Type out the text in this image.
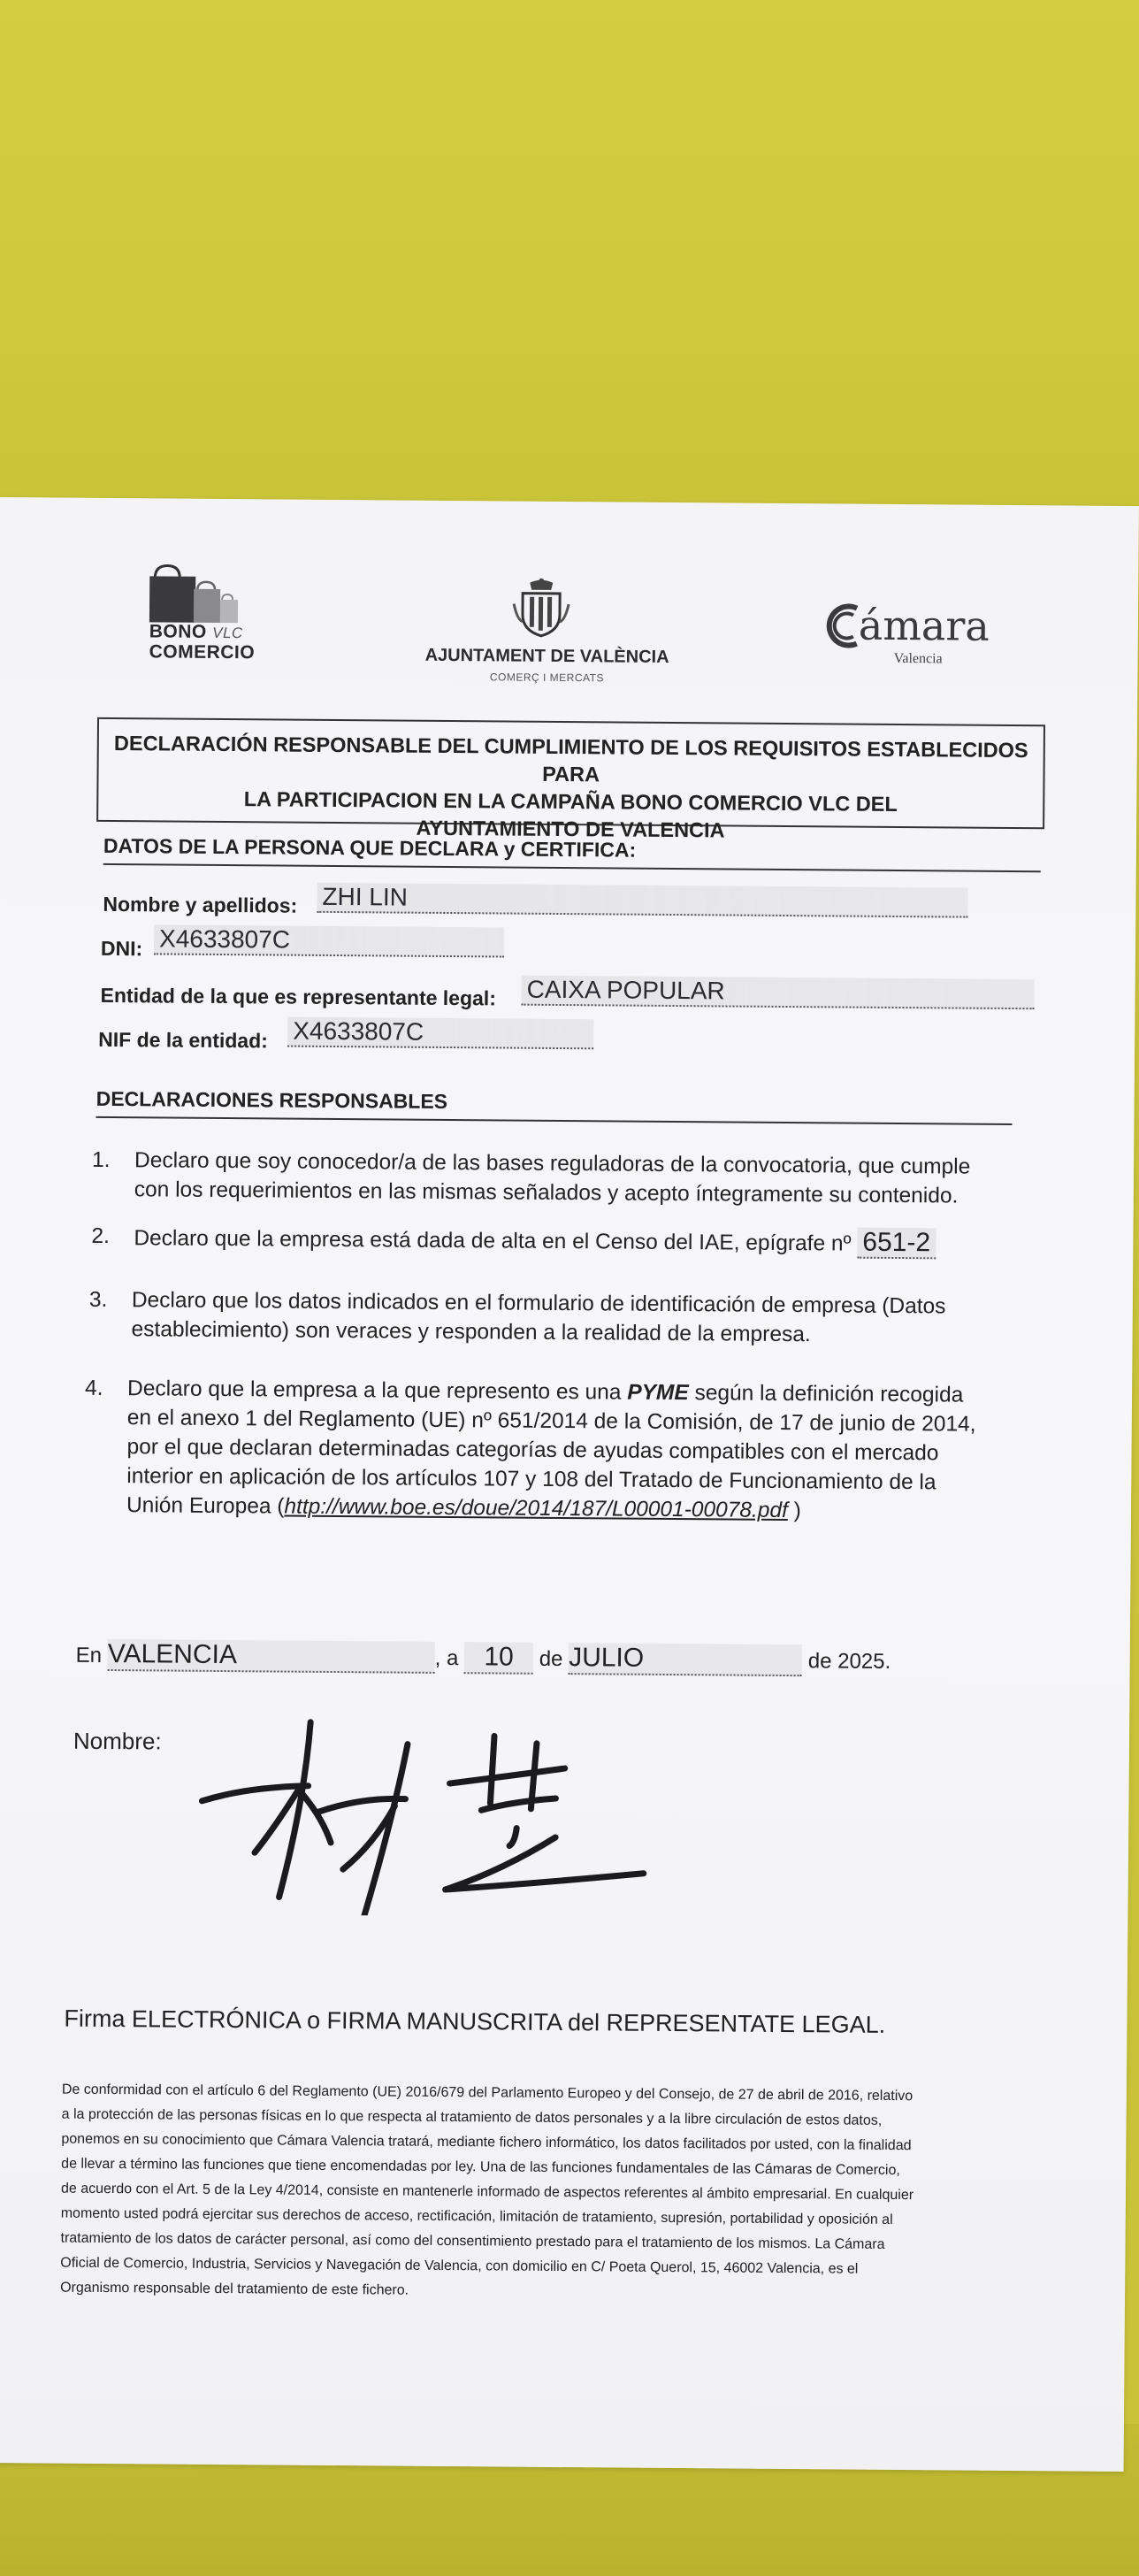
BONO VLC
COMERCIO	AJUNTAMENT DE VALÈNCIA
COMERÇ I MERCATS
ámara
Valencia
DECLARACIÓN RESPONSABLE DEL CUMPLIMIENTO DE LOS REQUISITOS ESTABLECIDOS PARA
LA PARTICIPACION EN LA CAMPAÑA BONO COMERCIO VLC DEL
AYUNTAMIENTO DE VALENCIA
DATOS DE LA PERSONA QUE DECLARA y CERTIFICA:
Nombre y apellidos: ZHI LIN
DNI: X4633807C
Entidad de la que es representante legal: CAIXA POPULAR
NIF de la entidad: X4633807C
DECLARACIONES RESPONSABLES
1. Declaro que soy conocedor/a de las bases reguladoras de la convocatoria, que cumple
con los requerimientos en las mismas señalados y acepto íntegramente su contenido.
2. Declaro que la empresa está dada de alta en el Censo del IAE, epígrafe nº 651-2
3. Declaro que los datos indicados en el formulario de identificación de empresa (Datos
establecimiento) son veraces y responden a la realidad de la empresa.
4. Declaro que la empresa a la que represento es una PYME según la definición recogida
en el anexo 1 del Reglamento (UE) nº 651/2014 de la Comisión, de 17 de junio de 2014,
por el que declaran determinadas categorías de ayudas compatibles con el mercado
interior en aplicación de los artículos 107 y 108 del Tratado de Funcionamiento de la
Unión Europea (http://www.boe.es/doue/2014/187/L00001-00078.pdf )
En VALENCIA	, a 10 de JULIO	de 2025.
Nombre:
Firma ELECTRÓNICA o FIRMA MANUSCRITA del REPRESENTATE LEGAL.
De conformidad con el artículo 6 del Reglamento (UE) 2016/679 del Parlamento Europeo y del Consejo, de 27 de abril de 2016, relativo
a la protección de las personas físicas en lo que respecta al tratamiento de datos personales y a la libre circulación de estos datos,
ponemos en su conocimiento que Cámara Valencia tratará, mediante fichero informático, los datos facilitados por usted, con la finalidad
de llevar a término las funciones que tiene encomendadas por ley. Una de las funciones fundamentales de las Cámaras de Comercio,
de acuerdo con el Art. 5 de la Ley 4/2014, consiste en mantenerle informado de aspectos referentes al ámbito empresarial. En cualquier
momento usted podrá ejercitar sus derechos de acceso, rectificación, limitación de tratamiento, supresión, portabilidad y oposición al
tratamiento de los datos de carácter personal, así como del consentimiento prestado para el tratamiento de los mismos. La Cámara
Oficial de Comercio, Industria, Servicios y Navegación de Valencia, con domicilio en C/ Poeta Querol, 15, 46002 Valencia, es el
Organismo responsable del tratamiento de este fichero.
